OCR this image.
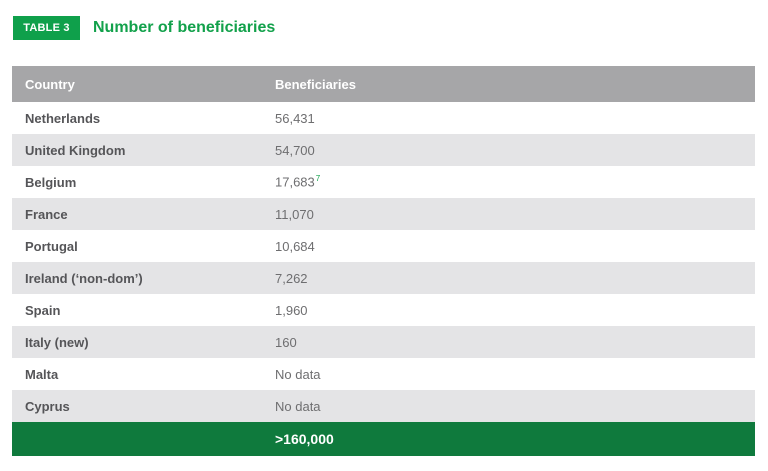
TABLE 3	Number of beneficiaries
Country	Beneficiaries
Netherlands	56,431
United Kingdom	54,700
Belgium	17,683$^7$
France	11,070
Portugal	10,684
Ireland (‘non-dom’)	7,262
Spain	1,960
Italy (new)	160
Malta	No data
Cyprus	No data
	>160,000
